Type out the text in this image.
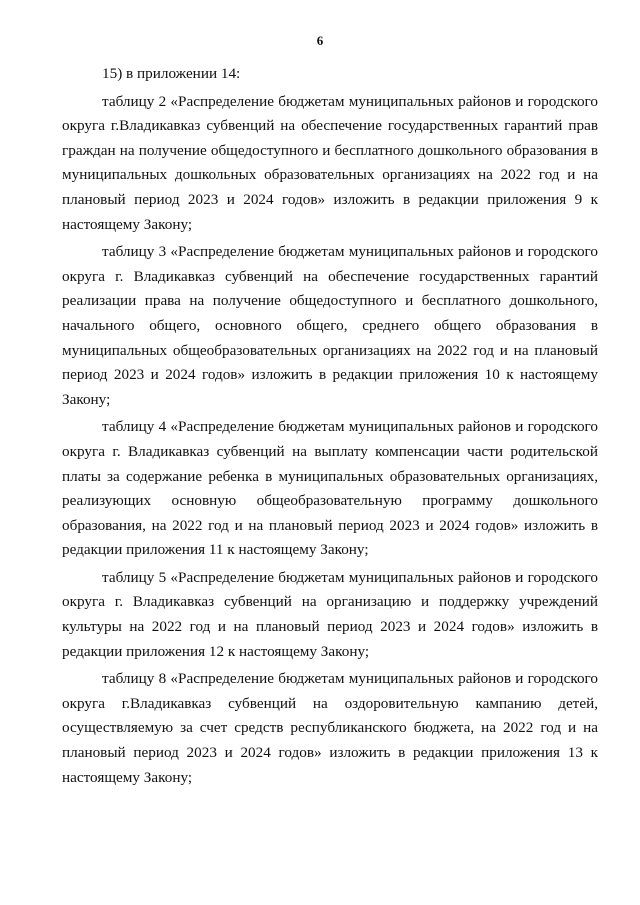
6

15) в приложении 14:

таблицу 2 «Распределение бюджетам муниципальных районов и городского округа г.Владикавказ субвенций на обеспечение государственных гарантий прав граждан на получение общедоступного и бесплатного дошкольного образования в муниципальных дошкольных образовательных организациях на 2022 год и на плановый период 2023 и 2024 годов» изложить в редакции приложения 9 к настоящему Закону;

таблицу 3 «Распределение бюджетам муниципальных районов и городского округа г. Владикавказ субвенций на обеспечение государственных гарантий реализации права на получение общедоступного и бесплатного дошкольного, начального общего, основного общего, среднего общего образования в муниципальных общеобразовательных организациях на 2022 год и на плановый период 2023 и 2024 годов» изложить в редакции приложения 10 к настоящему Закону;

таблицу 4 «Распределение бюджетам муниципальных районов и городского округа г. Владикавказ субвенций на выплату компенсации части родительской платы за содержание ребенка в муниципальных образовательных организациях, реализующих основную общеобразовательную программу дошкольного образования, на 2022 год и на плановый период 2023 и 2024 годов» изложить в редакции приложения 11 к настоящему Закону;

таблицу 5 «Распределение бюджетам муниципальных районов и городского округа г. Владикавказ субвенций на организацию и поддержку учреждений культуры на 2022 год и на плановый период 2023 и 2024 годов» изложить в редакции приложения 12 к настоящему Закону;

таблицу 8 «Распределение бюджетам муниципальных районов и городского округа г.Владикавказ субвенций на оздоровительную кампанию детей, осуществляемую за счет средств республиканского бюджета, на 2022 год и на плановый период 2023 и 2024 годов» изложить в редакции приложения 13 к настоящему Закону;
